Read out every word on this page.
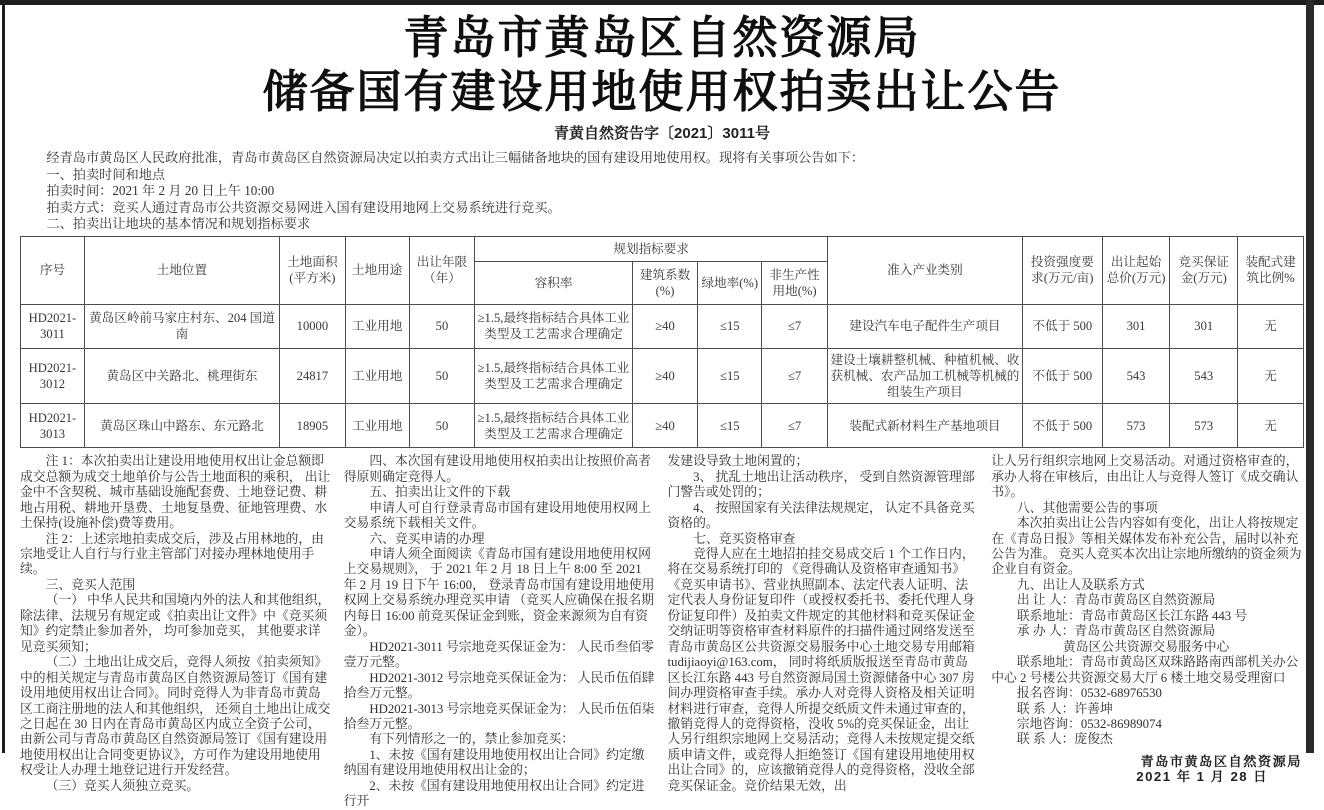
青岛市黄岛区自然资源局
储备国有建设用地使用权拍卖出让公告
青黄自然资告字〔2021〕3011号

经青岛市黄岛区人民政府批准，青岛市黄岛区自然资源局决定以拍卖方式出让三幅储备地块的国有建设用地使用权。现将有关事项公告如下：

一、拍卖时间和地点

拍卖时间：2021 年 2 月 20 日上午 10:00

拍卖方式：竞买人通过青岛市公共资源交易网进入国有建设用地网上交易系统进行竞买。

二、拍卖出让地块的基本情况和规划指标要求

序号	土地位置	土地面积(平方米)	土地用途	出让年限（年）	规划指标要求				准入产业类别	投资强度要求(万元/亩)	出让起始总价(万元)	竞买保证金(万元)	装配式建筑比例%
					容积率	建筑系数(%)	绿地率(%)	非生产性用地(%)					
HD2021-3011	黄岛区岭前马家庄村东、204 国道南	10000	工业用地	50	≥1.5,最终指标结合具体工业类型及工艺需求合理确定	≥40	≤15	≤7	建设汽车电子配件生产项目	不低于 500	301	301	无
HD2021-3012	黄岛区中关路北、桃理街东	24817	工业用地	50	≥1.5,最终指标结合具体工业类型及工艺需求合理确定	≥40	≤15	≤7	建设土壤耕整机械、种植机械、收获机械、农产品加工机械等机械的组装生产项目	不低于 500	543	543	无
HD2021-3013	黄岛区珠山中路东、东元路北	18905	工业用地	50	≥1.5,最终指标结合具体工业类型及工艺需求合理确定	≥40	≤15	≤7	装配式新材料生产基地项目	不低于 500	573	573	无

注 1：本次拍卖出让建设用地使用权出让金总额即成交总额为成交土地单价与公告土地面积的乘积， 出让金中不含契税、城市基础设施配套费、土地登记费、耕地占用税、耕地开垦费、土地复垦费、征地管理费、水土保持(设施补偿)费等费用。

注 2：上述宗地拍卖成交后，涉及占用林地的，由宗地受让人自行与行业主管部门对接办理林地使用手续。

三、竞买人范围

（一） 中华人民共和国境内外的法人和其他组织，除法律、法规另有规定或《拍卖出让文件》中《竞买须知》约定禁止参加者外， 均可参加竞买， 其他要求详见竞买须知；

（二）土地出让成交后，竞得人须按《拍卖须知》中的相关规定与青岛市黄岛区自然资源局签订《国有建设用地使用权出让合同》。同时竞得人为非青岛市黄岛区工商注册地的法人和其他组织， 还须自土地出让成交之日起在 30 日内在青岛市黄岛区内成立全资子公司，由新公司与青岛市黄岛区自然资源局签订《国有建设用地使用权出让合同变更协议》，方可作为建设用地使用权受让人办理土地登记进行开发经营。

（三）竞买人须独立竞买。

四、本次国有建设用地使用权拍卖出让按照价高者得原则确定竞得人。

五、拍卖出让文件的下载

申请人可自行登录青岛市国有建设用地使用权网上交易系统下载相关文件。

六、竞买申请的办理

申请人须全面阅读《青岛市国有建设用地使用权网上交易规则》， 于 2021 年 2 月 18 日上午 8:00 至 2021 年 2 月 19 日下午 16:00， 登录青岛市国有建设用地使用权网上交易系统办理竞买申请 （竞买人应确保在报名期内每日 16:00 前竞买保证金到账，资金来源须为自有资金）。

HD2021-3011 号宗地竞买保证金为： 人民币叁佰零壹万元整。

HD2021-3012 号宗地竞买保证金为： 人民币伍佰肆拾叁万元整。

HD2021-3013 号宗地竞买保证金为： 人民币伍佰柒拾叁万元整。

有下列情形之一的，禁止参加竞买：

1、未按《国有建设用地使用权出让合同》约定缴纳国有建设用地使用权出让金的；

2、未按《国有建设用地使用权出让合同》约定进行开

发建设导致土地闲置的；

3、 扰乱土地出让活动秩序， 受到自然资源管理部门警告或处罚的；

4、 按照国家有关法律法规规定， 认定不具备竞买资格的。

七、竞买资格审查

竞得人应在土地招拍挂交易成交后 1 个工作日内，将在交易系统打印的 《竞得确认及资格审查通知书》《竞买申请书》、营业执照副本、法定代表人证明、法定代表人身份证复印件（或授权委托书、委托代理人身份证复印件）及拍卖文件规定的其他材料和竞买保证金交纳证明等资格审查材料原件的扫描件通过网络发送至青岛市黄岛区公共资源交易服务中心土地交易专用邮箱 tudijiaoyi@163.com， 同时将纸质版报送至青岛市黄岛区长江东路 443 号自然资源局国土资源储备中心 307 房间办理资格审查手续。承办人对竞得人资格及相关证明材料进行审查，竞得人所提交纸质文件未通过审查的， 撤销竞得人的竞得资格，没收 5%的竞买保证金，出让人另行组织宗地网上交易活动；竞得人未按规定提交纸质申请文件，或竞得人拒绝签订《国有建设用地使用权出让合同》的，应该撤销竞得人的竞得资格，没收全部竞买保证金。竞价结果无效，出

让人另行组织宗地网上交易活动。对通过资格审查的，承办人将在审核后，由出让人与竞得人签订《成交确认书》。

八、其他需要公告的事项

本次拍卖出让公告内容如有变化，出让人将按规定在《青岛日报》等相关媒体发布补充公告，届时以补充公告为准。 竞买人竞买本次出让宗地所缴纳的资金须为企业自有资金。

九、出让人及联系方式

出 让 人：青岛市黄岛区自然资源局

联系地址：青岛市黄岛区长江东路 443 号

承 办 人：青岛市黄岛区自然资源局

黄岛区公共资源交易服务中心

联系地址：青岛市黄岛区双珠路路南西部机关办公中心 2 号楼公共资源交易大厅 6 楼土地交易受理窗口

报名咨询：0532-68976530

联 系 人：许善坤

宗地咨询：0532-86989074

联 系 人：庞俊杰

青岛市黄岛区自然资源局

2021 年 1 月 28 日
